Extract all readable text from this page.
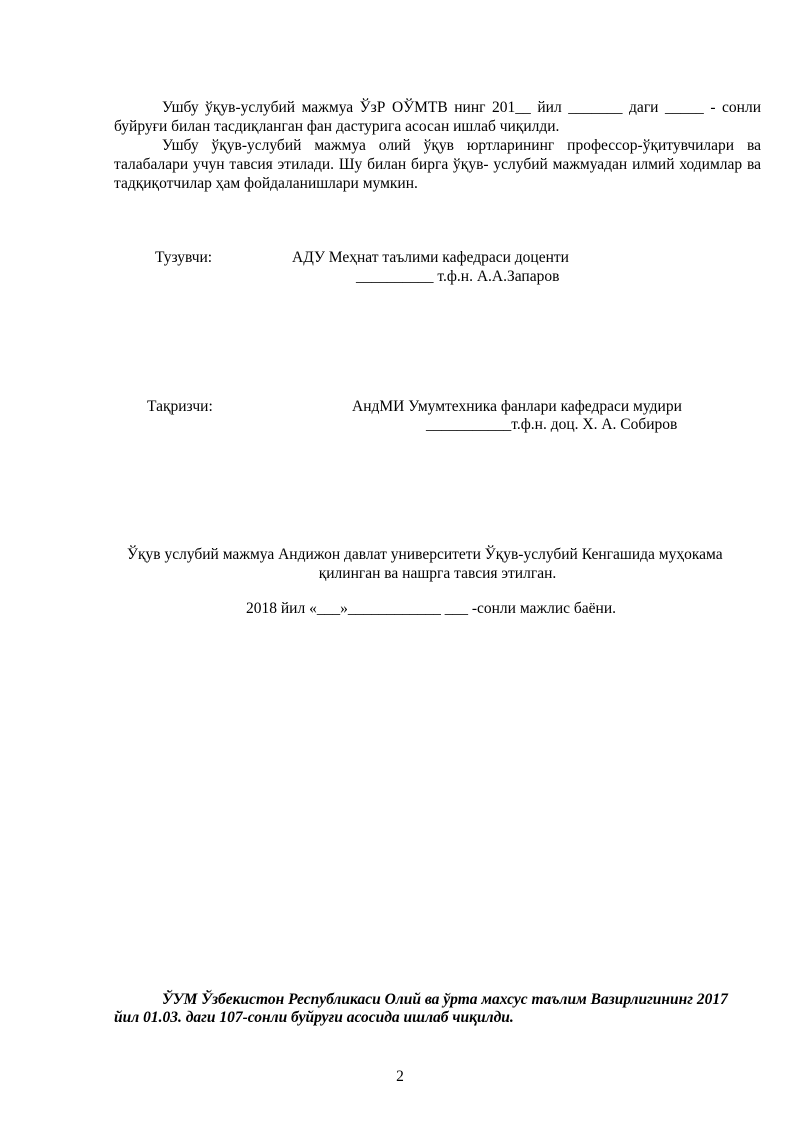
Ушбу ўқув-услубий мажмуа ЎзР ОЎМТВ нинг 201__ йил _______ даги _____ - сонли буйруғи билан тасдиқланган фан дастурига асосан ишлаб чиқилди.
Ушбу ўқув-услубий мажмуа олий ўқув юртларининг профессор-ўқитувчилари ва талабалари учун тавсия этилади. Шу билан бирга ўқув- услубий мажмуадан илмий ходимлар ва тадқиқотчилар ҳам фойдаланишлари мумкин.
Тузувчи:	АДУ Меҳнат таълими кафедраси доценти
__________ т.ф.н. А.А.Запаров
Тақризчи:	АндМИ Умумтехника фанлари кафедраси мудири
___________т.ф.н. доц. Х. А. Собиров
Ўқув услубий мажмуа Андижон давлат университети Ўқув-услубий Кенгашида муҳокама
қилинган ва нашрга тавсия этилган.
2018 йил «___»____________ ___ -сонли мажлис баёни.
ЎУМ Ўзбекистон Республикаси Олий ва ўрта махсус таълим Вазирлигининг 2017
йил 01.03. даги 107-сонли буйруғи асосида ишлаб чиқилди.
2
